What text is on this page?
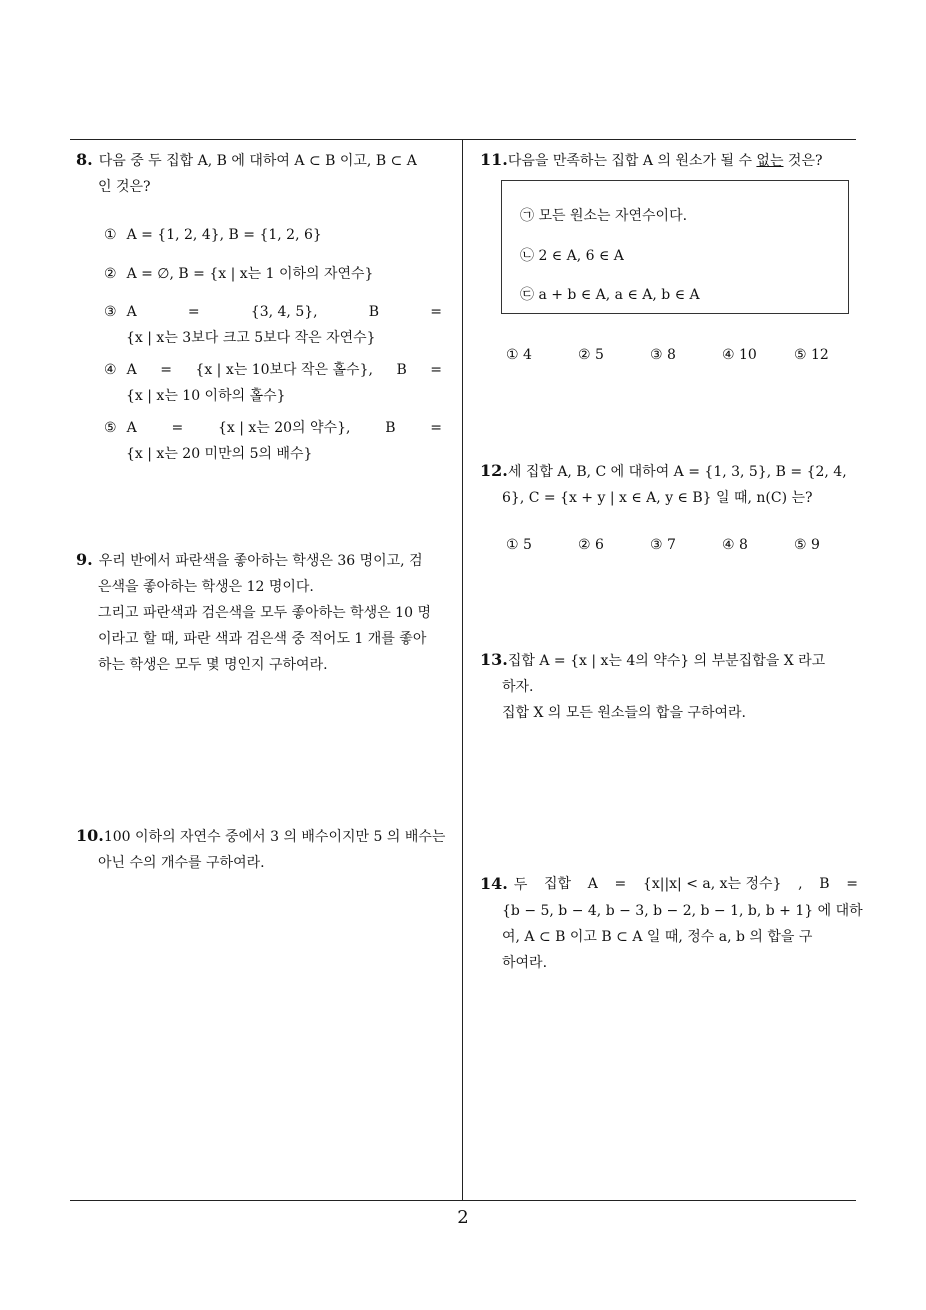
8. 다음 중 두 집합 A, B 에 대하여 A ⊂ B 이고, B ⊂ A
인 것은?
① A = {1, 2, 4}, B = {1, 2, 6}
② A = ∅, B = {x | x는 1 이하의 자연수}
③ A	=	{3, 4, 5},	B	=
{x | x는 3보다 크고 5보다 작은 자연수}
④ A = {x | x는 10보다 작은 홀수}, B =
{x | x는 10 이하의 홀수}
⑤ A = {x | x는 20의 약수}, B =
{x | x는 20 미만의 5의 배수}
9. 우리 반에서 파란색을 좋아하는 학생은 36 명이고, 검
은색을 좋아하는 학생은 12 명이다.
그리고 파란색과 검은색을 모두 좋아하는 학생은 10 명
이라고 할 때, 파란 색과 검은색 중 적어도 1 개를 좋아
하는 학생은 모두 몇 명인지 구하여라.
10.100 이하의 자연수 중에서 3 의 배수이지만 5 의 배수는
아닌 수의 개수를 구하여라.
11.다음을 만족하는 집합 A 의 원소가 될 수 없는 것은?
㉠ 모든 원소는 자연수이다.
㉡ 2 ∈ A, 6 ∈ A
㉢ a + b ∈ A, a ∈ A, b ∈ A
① 4	② 5	③ 8	④ 10	⑤ 12
12.세 집합 A, B, C 에 대하여 A = {1, 3, 5}, B = {2, 4,
6}, C = {x + y | x ∈ A, y ∈ B} 일 때, n(C) 는?
① 5	② 6	③ 7	④ 8	⑤ 9
13.집합 A = {x | x는 4의 약수} 의 부분집합을 X 라고
하자.
집합 X 의 모든 원소들의 합을 구하여라.
14. 두 집합 A = {x||x| < a, x는 정수} , B =
{b − 5, b − 4, b − 3, b − 2, b − 1, b, b + 1} 에 대하
여, A ⊂ B 이고 B ⊂ A 일 때, 정수 a, b 의 합을 구
하여라.
2
